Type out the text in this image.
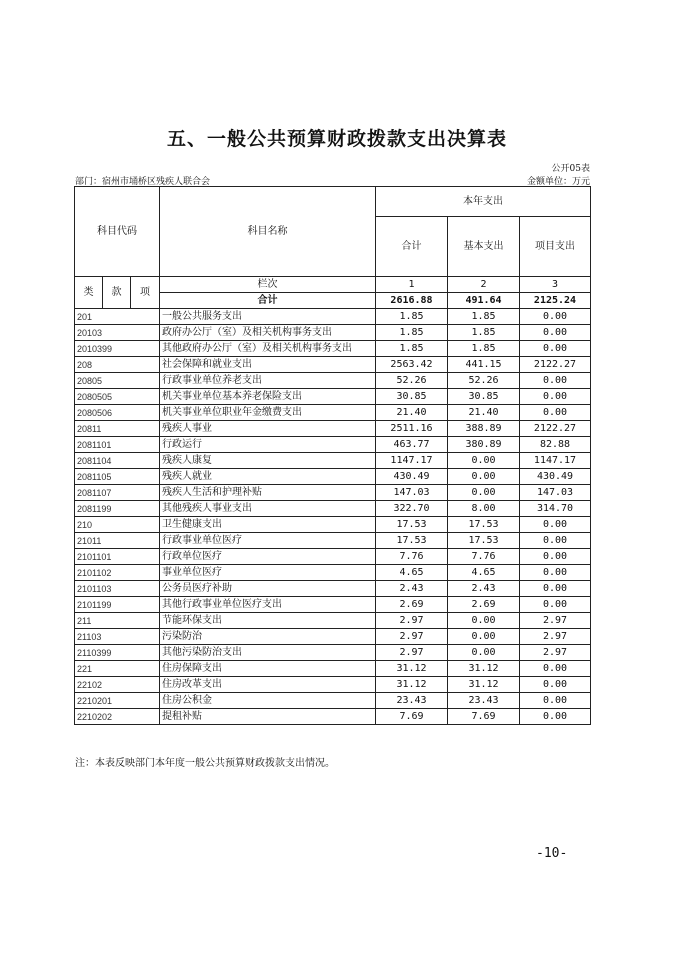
五、一般公共预算财政拨款支出决算表
公开05表
部门：宿州市埇桥区残疾人联合会	金额单位：万元
科目代码			科目名称	本年支出		
				合计	基本支出	项目支出
类	款	项	栏次	1	2	3
			合计	2616.88	491.64	2125.24
201			一般公共服务支出	1.85	1.85	0.00
20103			政府办公厅（室）及相关机构事务支出	1.85	1.85	0.00
2010399			其他政府办公厅（室）及相关机构事务支出	1.85	1.85	0.00
208			社会保障和就业支出	2563.42	441.15	2122.27
20805			行政事业单位养老支出	52.26	52.26	0.00
2080505			机关事业单位基本养老保险支出	30.85	30.85	0.00
2080506			机关事业单位职业年金缴费支出	21.40	21.40	0.00
20811			残疾人事业	2511.16	388.89	2122.27
2081101			行政运行	463.77	380.89	82.88
2081104			残疾人康复	1147.17	0.00	1147.17
2081105			残疾人就业	430.49	0.00	430.49
2081107			残疾人生活和护理补贴	147.03	0.00	147.03
2081199			其他残疾人事业支出	322.70	8.00	314.70
210			卫生健康支出	17.53	17.53	0.00
21011			行政事业单位医疗	17.53	17.53	0.00
2101101			行政单位医疗	7.76	7.76	0.00
2101102			事业单位医疗	4.65	4.65	0.00
2101103			公务员医疗补助	2.43	2.43	0.00
2101199			其他行政事业单位医疗支出	2.69	2.69	0.00
211			节能环保支出	2.97	0.00	2.97
21103			污染防治	2.97	0.00	2.97
2110399			其他污染防治支出	2.97	0.00	2.97
221			住房保障支出	31.12	31.12	0.00
22102			住房改革支出	31.12	31.12	0.00
2210201			住房公积金	23.43	23.43	0.00
2210202			提租补贴	7.69	7.69	0.00
注：本表反映部门本年度一般公共预算财政拨款支出情况。
-10-
